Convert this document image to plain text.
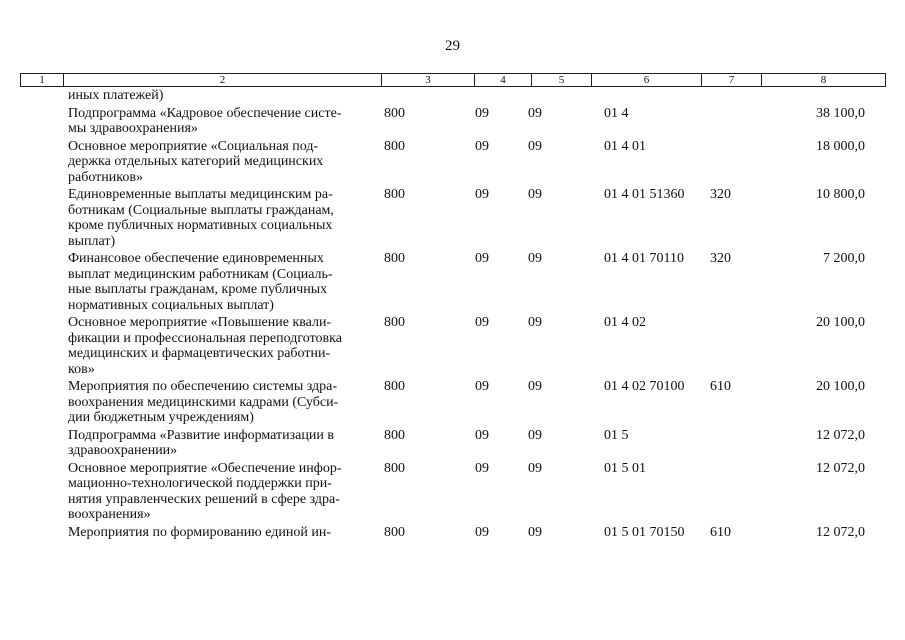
29
1	2	3	4	5	6	7	8
иных платежей)
Подпрограмма «Кадровое обеспечение систе-
мы здравоохранения»
800	09	09	01 4	38 100,0
Основное мероприятие «Социальная под-
держка отдельных категорий медицинских
работников»
800	09	09	01 4 01	18 000,0
Единовременные выплаты медицинским ра-
ботникам (Социальные выплаты гражданам,
кроме публичных нормативных социальных
выплат)
800	09	09	01 4 01 51360 320	10 800,0
Финансовое обеспечение единовременных
выплат медицинским работникам (Социаль-
ные выплаты гражданам, кроме публичных
нормативных социальных выплат)
800	09	09	01 4 01 70110 320	7 200,0
Основное мероприятие «Повышение квали-
фикации и профессиональная переподготовка
медицинских и фармацевтических работни-
ков»
800	09	09	01 4 02	20 100,0
Мероприятия по обеспечению системы здра-
воохранения медицинскими кадрами (Субси-
дии бюджетным учреждениям)
800	09	09	01 4 02 70100 610	20 100,0
Подпрограмма «Развитие информатизации в
здравоохранении»
800	09	09	01 5	12 072,0
Основное мероприятие «Обеспечение инфор-
мационно-технологической поддержки при-
нятия управленческих решений в сфере здра-
воохранения»
800	09	09	01 5 01	12 072,0
Мероприятия по формированию единой ин-	800	09	09	01 5 01 70150 610	12 072,0
